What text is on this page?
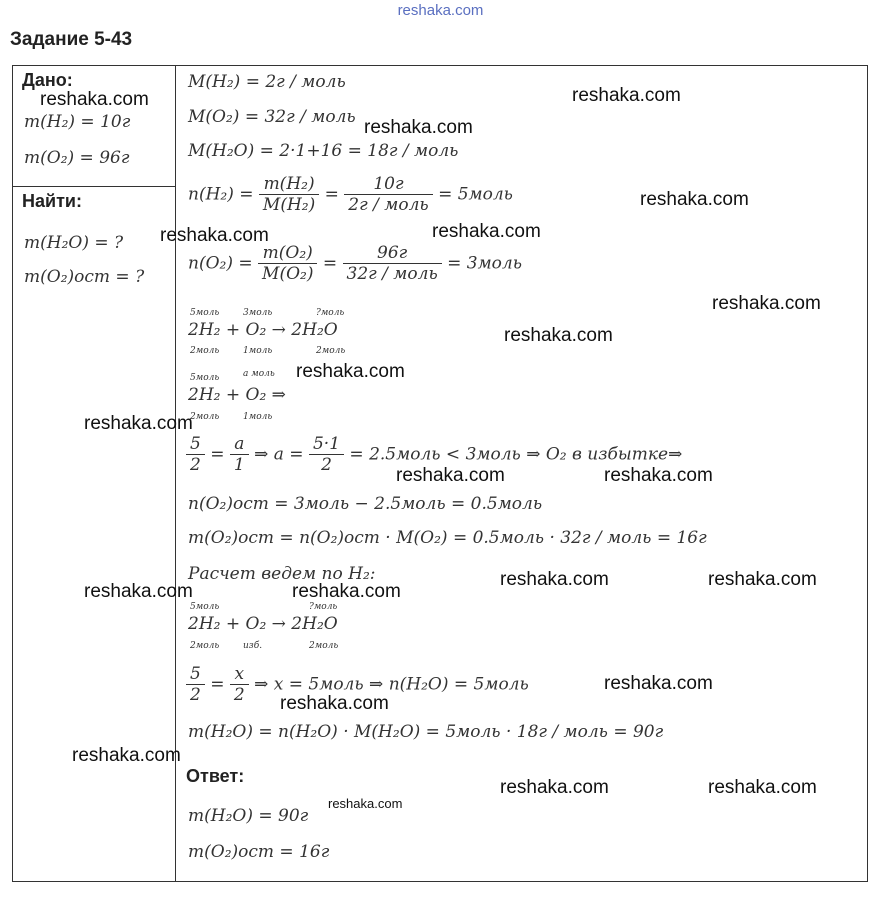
reshaka.com
Задание 5-43
Дано:
m(H₂) = 10г
m(O₂) = 96г
Найти:
m(H₂O) = ?
m(O₂)ост = ?
M(H₂) = 2г / моль
M(O₂) = 32г / моль
M(H₂O) = 2·1+16 = 18г / моль
$n(H_2) = \frac{\text{m(H₂)}}{\text{M(H₂)}} = \frac{10г}{\text{2г / моль}}$ = 5моль
$n(O_2) = \frac{\text{m(O₂)}}{\text{M(O₂)}} = \frac{96г}{\text{32г / моль}}$ = 3моль
5моль	3моль	?моль
2H₂ + O₂ → 2H₂O
2моль	1моль	2моль
5моль	a моль
2H₂ + O₂ ⇒
2моль	1моль
$\frac{5}{2} = \frac{a}{1}$ ⇒ $a = \frac{5\cdot 1}{2}$ = 2.5моль < 3моль ⇒ O₂ в избытке⇒
n(O₂)ост = 3моль − 2.5моль = 0.5моль
m(O₂)ост = n(O₂)ост · M(O₂) = 0.5моль · 32г / моль = 16г
Расчет ведем по H₂:
5моль	?моль
2H₂ + O₂ → 2H₂O
2моль	изб.	2моль
$\frac{5}{2} = \frac{x}{2}$ ⇒ x = 5моль ⇒ n(H₂O) = 5моль
m(H₂O) = n(H₂O) · M(H₂O) = 5моль · 18г / моль = 90г
Ответ:
m(H₂O) = 90г
m(O₂)ост = 16г
reshaka.com	reshaka.com
reshaka.com
reshaka.com
reshaka.com	reshaka.com
reshaka.com
reshaka.com
reshaka.com
reshaka.com
reshaka.com	reshaka.com
reshaka.com	reshaka.com
reshaka.com	reshaka.com
reshaka.com
reshaka.com
reshaka.com
reshaka.com	reshaka.com
reshaka.com
